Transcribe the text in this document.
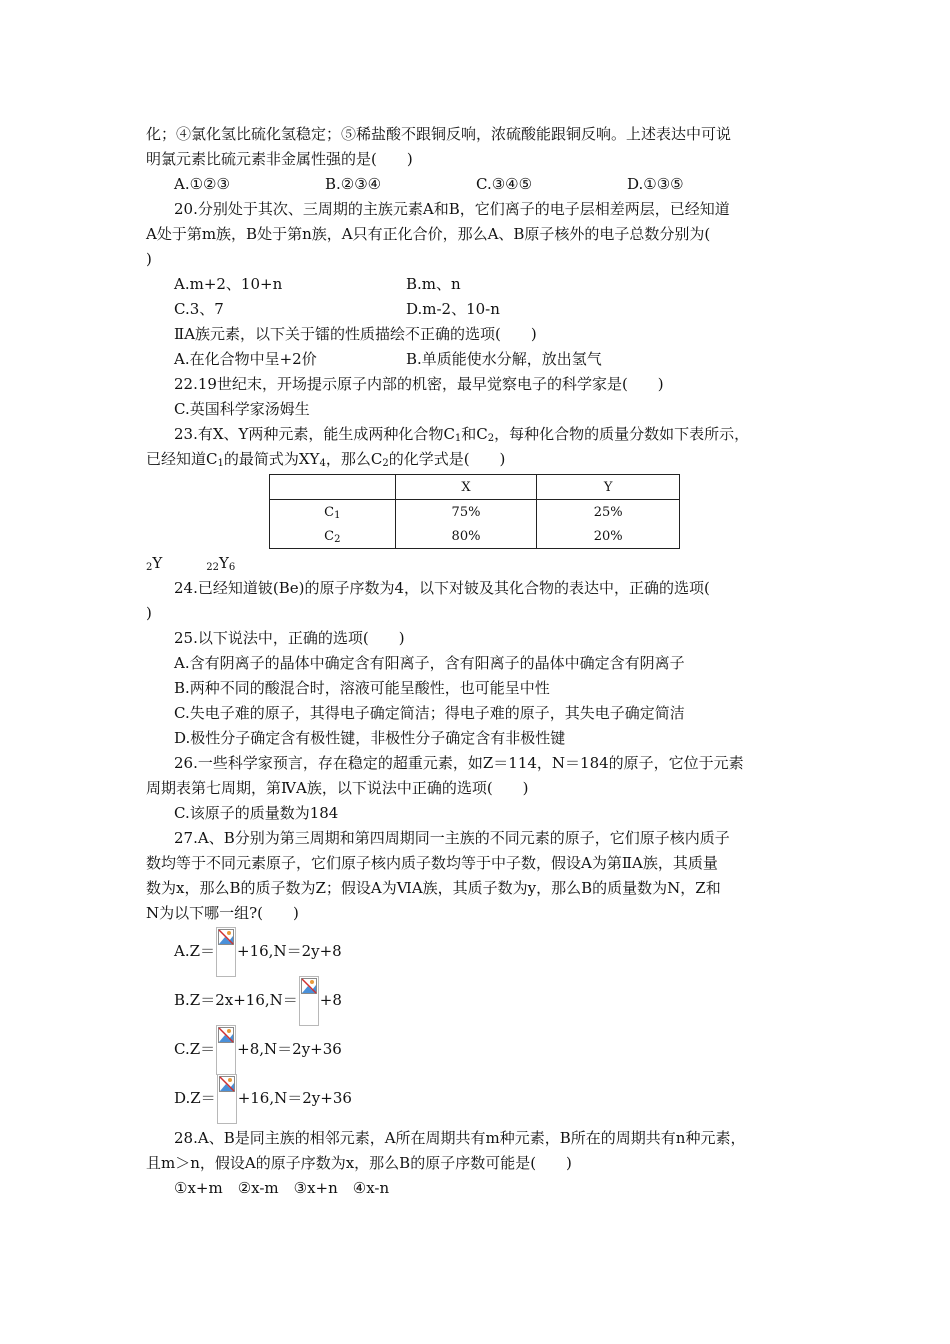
化；④氯化氢比硫化氢稳定；⑤稀盐酸不跟铜反响，浓硫酸能跟铜反响。上述表达中可说
明氯元素比硫元素非金属性强的是(　　)
A.①②③	B.②③④	C.③④⑤	D.①③⑤
20.分别处于其次、三周期的主族元素A和B，它们离子的电子层相差两层，已经知道
A处于第m族，B处于第n族，A只有正化合价，那么A、B原子核外的电子总数分别为(
)
A.m+2、10+n	B.m、n
C.3、7	D.m-2、10-n
ⅡA族元素，以下关于镭的性质描绘不正确的选项(　　)
A.在化合物中呈+2价	B.单质能使水分解，放出氢气
22.19世纪末，开场提示原子内部的机密，最早觉察电子的科学家是(　　)
C.英国科学家汤姆生
23.有X、Y两种元素，能生成两种化合物$C_1$和$C_2$，每种化合物的质量分数如下表所示，
已经知道$C_1$的最简式为$XY_4$，那么$C_2$的化学式是(　　)
	X	Y
$C_1$	75%	25%
$C_2$	80%	20%
$_2$Y	$_{22}Y_6$
24.已经知道铍(Be)的原子序数为4，以下对铍及其化合物的表达中，正确的选项(
)
25.以下说法中，正确的选项(　　)
A.含有阴离子的晶体中确定含有阳离子，含有阳离子的晶体中确定含有阴离子
B.两种不同的酸混合时，溶液可能呈酸性，也可能呈中性
C.失电子难的原子，其得电子确定简洁；得电子难的原子，其失电子确定简洁
D.极性分子确定含有极性键，非极性分子确定含有非极性键
26.一些科学家预言，存在稳定的超重元素，如Z＝114，N＝184的原子，它位于元素
周期表第七周期，第ⅣA族，以下说法中正确的选项(　　)
C.该原子的质量数为184
27.A、B分别为第三周期和第四周期同一主族的不同元素的原子，它们原子核内质子
数均等于不同元素原子，它们原子核内质子数均等于中子数，假设A为第ⅡA族，其质量
数为x，那么B的质子数为Z；假设A为ⅥA族，其质子数为y，那么B的质量数为N，Z和
N为以下哪一组?(　　)
A.Z＝ +16,N＝2y+8
B.Z＝2x+16,N＝ +8
C.Z＝ +8,N＝2y+36
D.Z＝ +16,N＝2y+36
28.A、B是同主族的相邻元素，A所在周期共有m种元素，B所在的周期共有n种元素，
且m＞n，假设A的原子序数为x，那么B的原子序数可能是(　　)
①x+m　②x-m　③x+n　④x-n
